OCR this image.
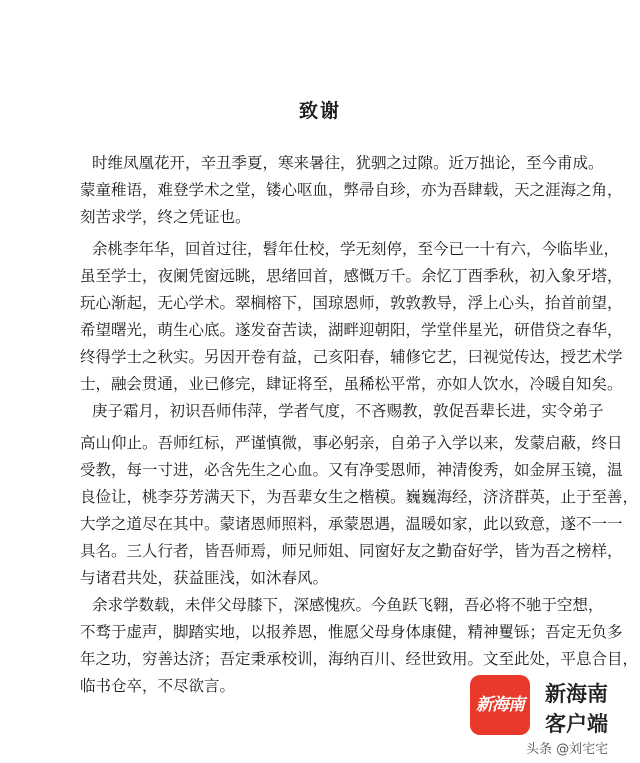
致谢
时维凤凰花开，辛丑季夏，寒来暑往，犹驷之过隙。近万拙论，至今甫成。
蒙童稚语，难登学术之堂，镂心呕血，弊帚自珍，亦为吾肆载，天之涯海之角，
刻苦求学，终之凭证也。
余桃李年华，回首过往，髫年仕校，学无刻停，至今已一十有六，今临毕业，
虽至学士，夜阑凭窗远眺，思绪回首，感慨万千。余忆丁酉季秋，初入象牙塔，
玩心渐起，无心学术。翠榈榕下，国琼恩师，敦敦教导，浮上心头，抬首前望，
希望曙光，萌生心底。遂发奋苦读，湖畔迎朝阳，学堂伴星光，研借贷之春华，
终得学士之秋实。另因开卷有益，己亥阳春，辅修它艺，曰视觉传达，授艺术学
士，融会贯通，业已修完，肆证将至，虽稀松平常，亦如人饮水，冷暖自知矣。
庚子霜月，初识吾师伟萍，学者气度，不吝赐教，敦促吾辈长进，实令弟子
高山仰止。吾师红标，严谨慎微，事必躬亲，自弟子入学以来，发蒙启蔽，终日
受教，每一寸进，必含先生之心血。又有净雯恩师，神清俊秀，如金屏玉镜，温
良俭让，桃李芬芳满天下，为吾辈女生之楷模。巍巍海经，济济群英，止于至善，
大学之道尽在其中。蒙诸恩师照料，承蒙恩遇，温暖如家，此以致意，遂不一一
具名。三人行者，皆吾师焉，师兄师姐、同窗好友之勤奋好学，皆为吾之榜样，
与诸君共处，获益匪浅，如沐春风。
余求学数载，未伴父母膝下，深感愧疚。今鱼跃飞翱，吾必将不驰于空想，
不骛于虚声，脚踏实地，以报养恩，惟愿父母身体康健，精神矍铄；吾定无负多
年之功，穷善达济；吾定秉承校训，海纳百川、经世致用。文至此处，平息合目，
临书仓卒，不尽欲言。
新海南 新海南
客户端
头条 @刘宅宅
